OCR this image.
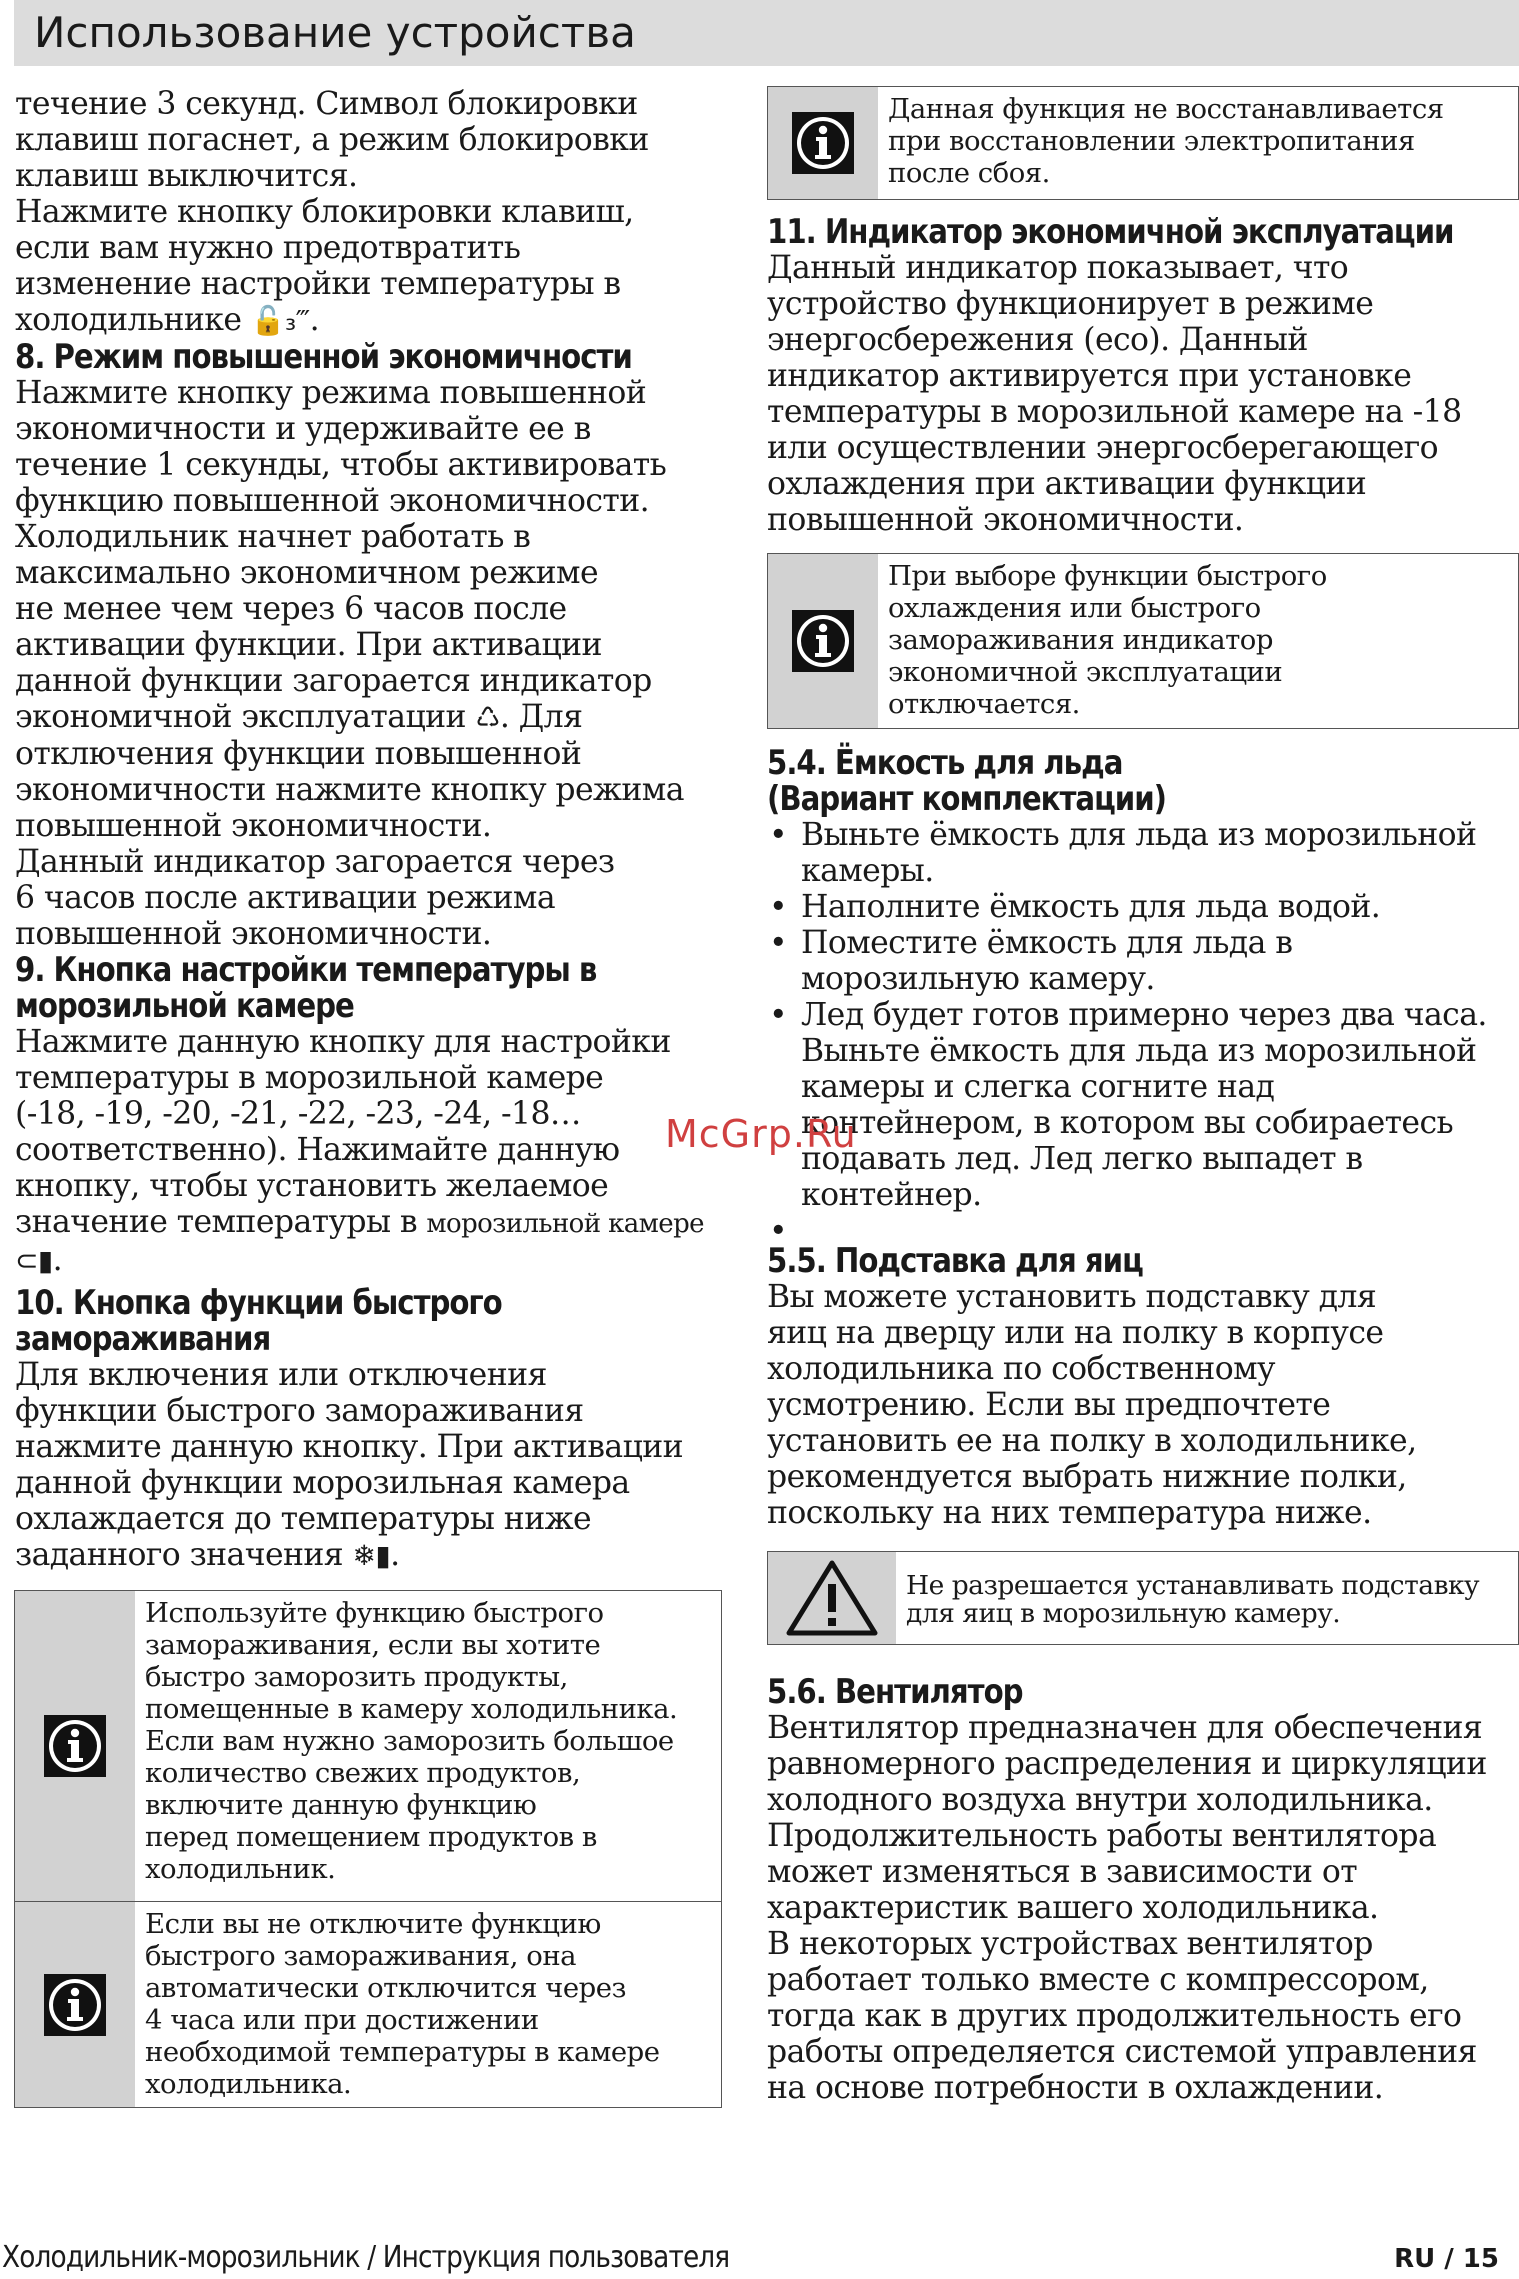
Использование устройства

течение 3 секунд. Символ блокировки
клавиш погаснет, а режим блокировки
клавиш выключится.
Нажмите кнопку блокировки клавиш,
если вам нужно предотвратить
изменение настройки температуры в
холодильнике 🔓₃‴.

8. Режим повышенной экономичности

Нажмите кнопку режима повышенной
экономичности и удерживайте ее в
течение 1 секунды, чтобы активировать
функцию повышенной экономичности.
Холодильник начнет работать в
максимально экономичном режиме
не менее чем через 6 часов после
активации функции. При активации
данной функции загорается индикатор
экономичной эксплуатации ♺. Для
отключения функции повышенной
экономичности нажмите кнопку режима
повышенной экономичности.
Данный индикатор загорается через
6 часов после активации режима
повышенной экономичности.

9. Кнопка настройки температуры в
морозильной камере

Нажмите данную кнопку для настройки
температуры в морозильной камере
(-18, -19, -20, -21, -22, -23, -24, -18…
соответственно). Нажимайте данную
кнопку, чтобы установить желаемое
значение температуры в морозильной камере
⊂▮.

10. Кнопка функции быстрого
замораживания

Для включения или отключения
функции быстрого замораживания
нажмите данную кнопку. При активации
данной функции морозильная камера
охлаждается до температуры ниже
заданного значения ❄▮.

Используйте функцию быстрого
замораживания, если вы хотите
быстро заморозить продукты,
помещенные в камеру холодильника.
Если вам нужно заморозить большое
количество свежих продуктов,
включите данную функцию
перед помещением продуктов в
холодильник.

Если вы не отключите функцию
быстрого замораживания, она
автоматически отключится через
4 часа или при достижении
необходимой температуры в камере
холодильника.

Данная функция не восстанавливается
при восстановлении электропитания
после сбоя.

11. Индикатор экономичной эксплуатации

Данный индикатор показывает, что
устройство функционирует в режиме
энергосбережения (eco). Данный
индикатор активируется при установке
температуры в морозильной камере на -18
или осуществлении энергосберегающего
охлаждения при активации функции
повышенной экономичности.

При выборе функции быстрого
охлаждения или быстрого
замораживания индикатор
экономичной эксплуатации
отключается.

5.4. Ёмкость для льда
(Вариант комплектации)

• Выньте ёмкость для льда из морозильной
камеры.
• Наполните ёмкость для льда водой.
• Поместите ёмкость для льда в
морозильную камеру.
• Лед будет готов примерно через два часа.
Выньте ёмкость для льда из морозильной
камеры и слегка согните над
контейнером, в котором вы собираетесь
подавать лед. Лед легко выпадет в
контейнер.
•

5.5. Подставка для яиц

Вы можете установить подставку для
яиц на дверцу или на полку в корпусе
холодильника по собственному
усмотрению. Если вы предпочтете
установить ее на полку в холодильнике,
рекомендуется выбрать нижние полки,
поскольку на них температура ниже.

Не разрешается устанавливать подставку
для яиц в морозильную камеру.

5.6. Вентилятор

Вентилятор предназначен для обеспечения
равномерного распределения и циркуляции
холодного воздуха внутри холодильника.
Продолжительность работы вентилятора
может изменяться в зависимости от
характеристик вашего холодильника.
В некоторых устройствах вентилятор
работает только вместе с компрессором,
тогда как в других продолжительность его
работы определяется системой управления
на основе потребности в охлаждении.

McGrp.Ru
Холодильник-морозильник / Инструкция пользователя	RU / 15
